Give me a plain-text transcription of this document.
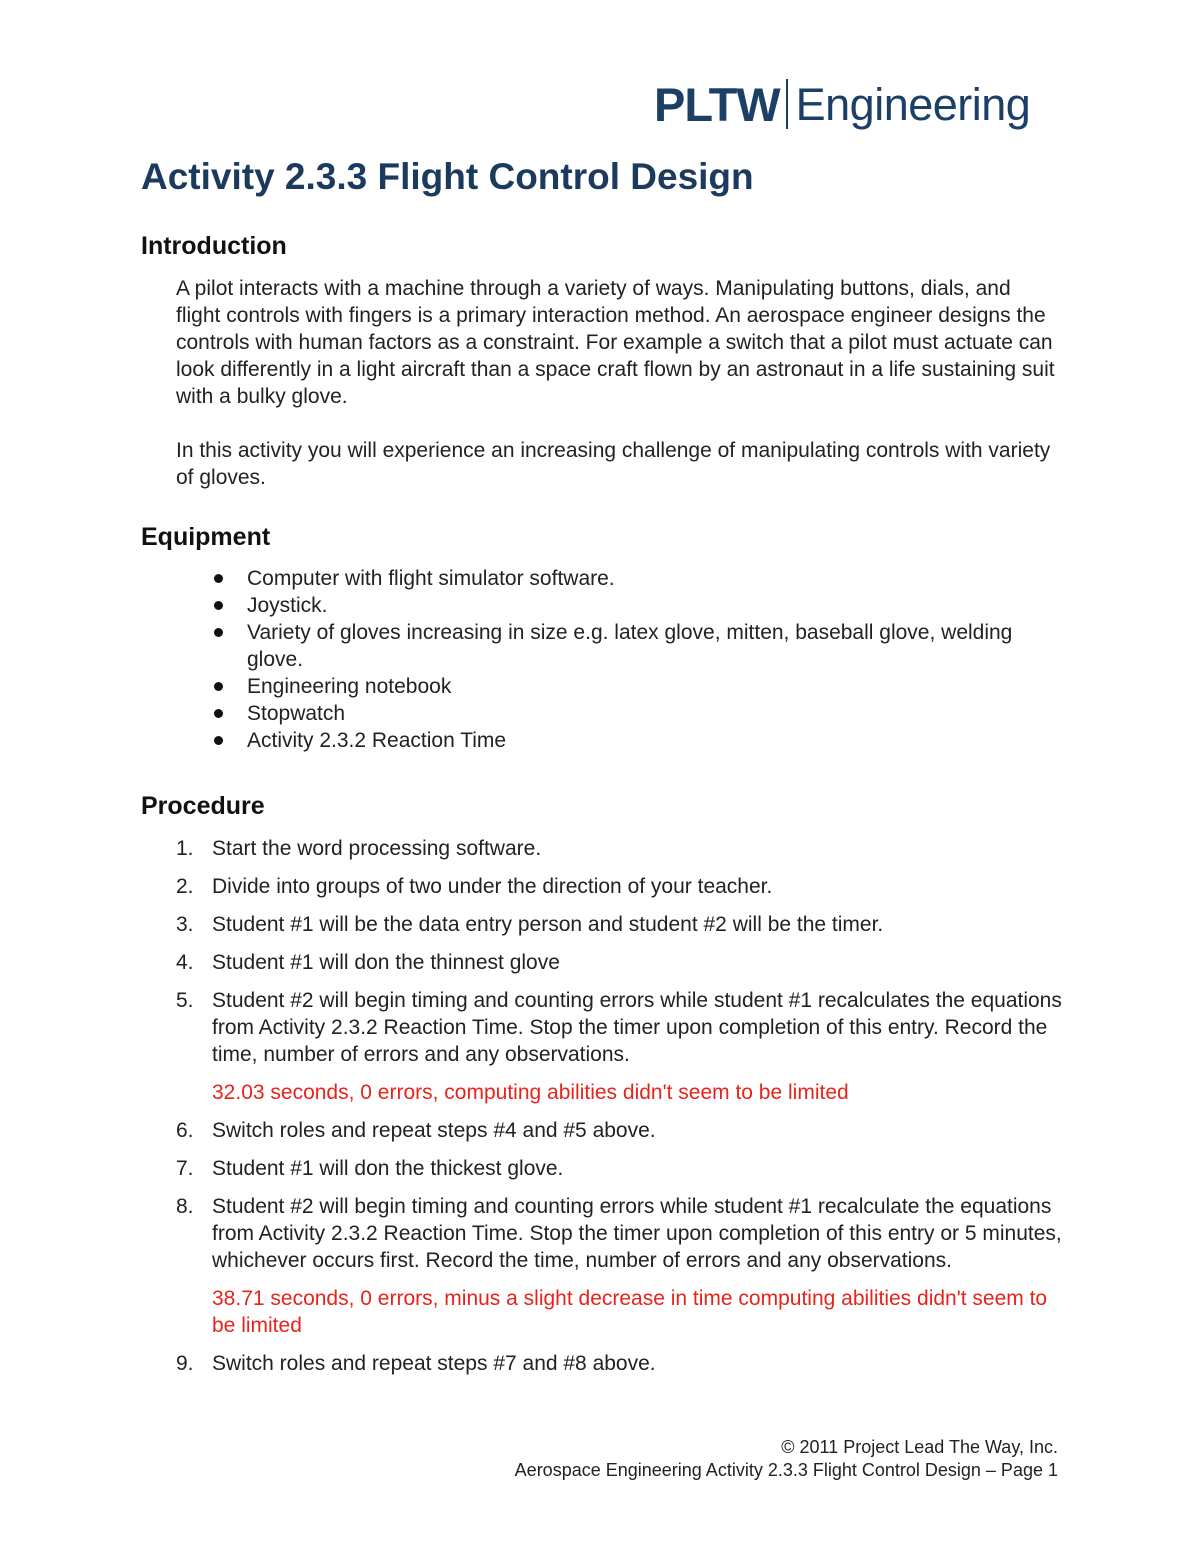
PLTW Engineering
Activity 2.3.3 Flight Control Design
Introduction

A pilot interacts with a machine through a variety of ways. Manipulating buttons, dials, and flight controls with fingers is a primary interaction method. An aerospace engineer designs the controls with human factors as a constraint. For example a switch that a pilot must actuate can look differently in a light aircraft than a space craft flown by an astronaut in a life sustaining suit with a bulky glove.

In this activity you will experience an increasing challenge of manipulating controls with variety of gloves.

Equipment
Computer with flight simulator software.
Joystick.
Variety of gloves increasing in size e.g. latex glove, mitten, baseball glove, welding glove.
Engineering notebook
Stopwatch
Activity 2.3.2 Reaction Time
Procedure
1. Start the word processing software.
2. Divide into groups of two under the direction of your teacher.
3. Student #1 will be the data entry person and student #2 will be the timer.
4. Student #1 will don the thinnest glove
5. Student #2 will begin timing and counting errors while student #1 recalculates the equations from Activity 2.3.2 Reaction Time. Stop the timer upon completion of this entry. Record the time, number of errors and any observations.
32.03 seconds, 0 errors, computing abilities didn't seem to be limited
6. Switch roles and repeat steps #4 and #5 above.
7. Student #1 will don the thickest glove.
8. Student #2 will begin timing and counting errors while student #1 recalculate the equations from Activity 2.3.2 Reaction Time. Stop the timer upon completion of this entry or 5 minutes, whichever occurs first. Record the time, number of errors and any observations.
38.71 seconds, 0 errors, minus a slight decrease in time computing abilities didn't seem to be limited
9. Switch roles and repeat steps #7 and #8 above.
© 2011 Project Lead The Way, Inc.
Aerospace Engineering Activity 2.3.3 Flight Control Design – Page 1
